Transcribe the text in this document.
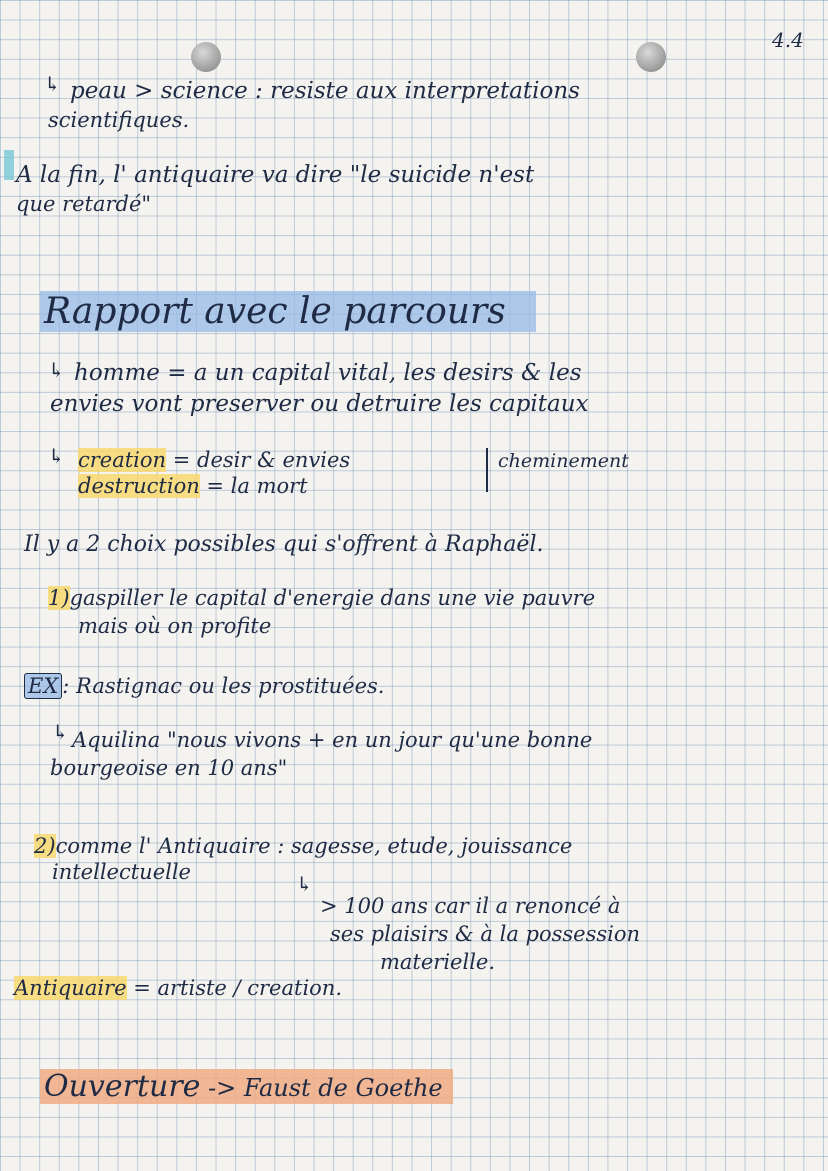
4.4
↳ peau > science : resiste aux interpretations
scientifiques.
A la fin, l' antiquaire va dire "le suicide n'est
que retardé"
Rapport avec le parcours
↳ homme = a un capital vital, les desirs & les
envies vont preserver ou detruire les capitaux
↳ creation = desir & envies
destruction = la mort
cheminement
Il y a 2 choix possibles qui s'offrent à Raphaël.
1)gaspiller le capital d'energie dans une vie pauvre
mais où on profite
EX : Rastignac ou les prostituées.
↳ Aquilina "nous vivons + en un jour qu'une bonne
bourgeoise en 10 ans"
2)comme l' Antiquaire : sagesse, etude, jouissance
intellectuelle	↳
> 100 ans car il a renoncé à
ses plaisirs & à la possession
materielle.
Antiquaire = artiste / creation.
Ouverture -> Faust de Goethe
